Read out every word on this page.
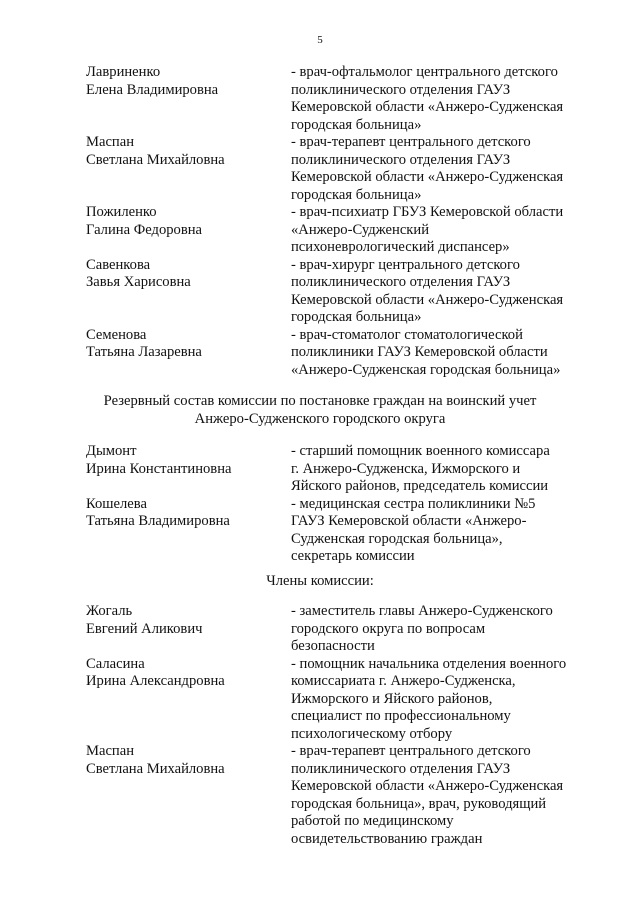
5
Лавриненко
Елена Владимировна
- врач-офтальмолог центрального детского
поликлинического отделения ГАУЗ
Кемеровской области «Анжеро-Судженская
городская больница»
Маспан
Светлана Михайловна
- врач-терапевт центрального детского
поликлинического отделения ГАУЗ
Кемеровской области «Анжеро-Судженская
городская больница»
Пожиленко
Галина Федоровна
- врач-психиатр ГБУЗ Кемеровской области
«Анжеро-Судженский
психоневрологический диспансер»
Савенкова
Завья Харисовна
- врач-хирург центрального детского
поликлинического отделения ГАУЗ
Кемеровской области «Анжеро-Судженская
городская больница»
Семенова
Татьяна Лазаревна
- врач-стоматолог стоматологической
поликлиники ГАУЗ Кемеровской области
«Анжеро-Судженская городская больница»
Резервный состав комиссии по постановке граждан на воинский учет
Анжеро-Судженского городского округа
Дымонт
Ирина Константиновна
- старший помощник военного комиссара
г. Анжеро-Судженска, Ижморского и
Яйского районов, председатель комиссии
Кошелева
Татьяна Владимировна
- медицинская сестра поликлиники №5
ГАУЗ Кемеровской области «Анжеро-
Судженская городская больница»,
секретарь комиссии
Члены комиссии:
Жогаль
Евгений Аликович
- заместитель главы Анжеро-Судженского
городского округа по вопросам
безопасности
Саласина
Ирина Александровна
- помощник начальника отделения военного
комиссариата г. Анжеро-Судженска,
Ижморского и Яйского районов,
специалист по профессиональному
психологическому отбору
Маспан
Светлана Михайловна
- врач-терапевт центрального детского
поликлинического отделения ГАУЗ
Кемеровской области «Анжеро-Судженская
городская больница», врач, руководящий
работой по медицинскому
освидетельствованию граждан
